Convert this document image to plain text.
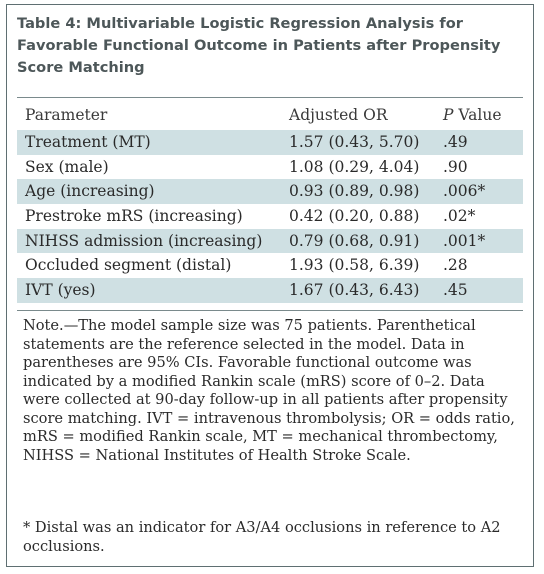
Table 4: Multivariable Logistic Regression Analysis for Favorable Functional Outcome in Patients after Propensity Score Matching
Parameter	Adjusted OR	P Value
Treatment (MT)	1.57 (0.43, 5.70) .49
Sex (male)	1.08 (0.29, 4.04) .90
Age (increasing)	0.93 (0.89, 0.98) .006*
Prestroke mRS (increasing)	0.42 (0.20, 0.88) .02*
NIHSS admission (increasing) 0.79 (0.68, 0.91) .001*
Occluded segment (distal)	1.93 (0.58, 6.39) .28
IVT (yes)	1.67 (0.43, 6.43) .45
Note.—The model sample size was 75 patients. Parenthetical statements are the reference selected in the model. Data in parentheses are 95% CIs. Favorable functional outcome was indicated by a modified Rankin scale (mRS) score of 0–2. Data were collected at 90-day follow-up in all patients after propensity score matching. IVT = intravenous thrombolysis; OR = odds ratio, mRS = modified Rankin scale, MT = mechanical thrombectomy, NIHSS = National Institutes of Health Stroke Scale.
* Distal was an indicator for A3/A4 occlusions in reference to A2 occlusions.
